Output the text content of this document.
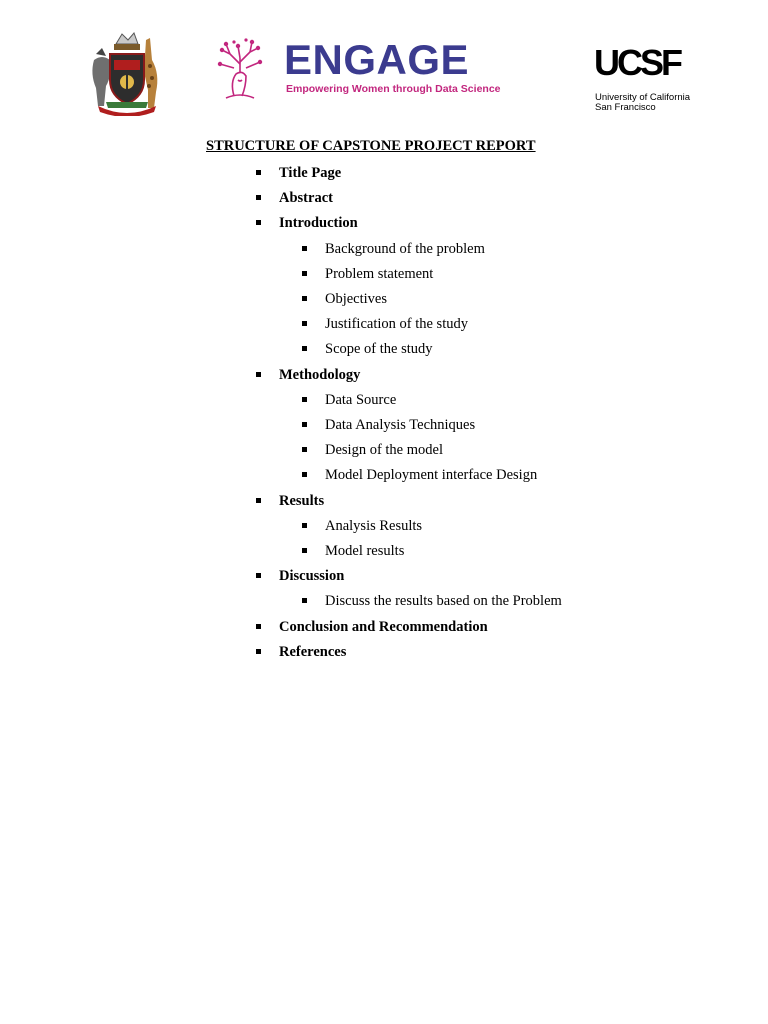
ENGAGE
Empowering Women through Data Science
UCSF
University of California
San Francisco
STRUCTURE OF CAPSTONE PROJECT REPORT
Title Page
Abstract
Introduction
Background of the problem
Problem statement
Objectives
Justification of the study
Scope of the study
Methodology
Data Source
Data Analysis Techniques
Design of the model
Model Deployment interface Design
Results
Analysis Results
Model results
Discussion
Discuss the results based on the Problem
Conclusion and Recommendation
References
